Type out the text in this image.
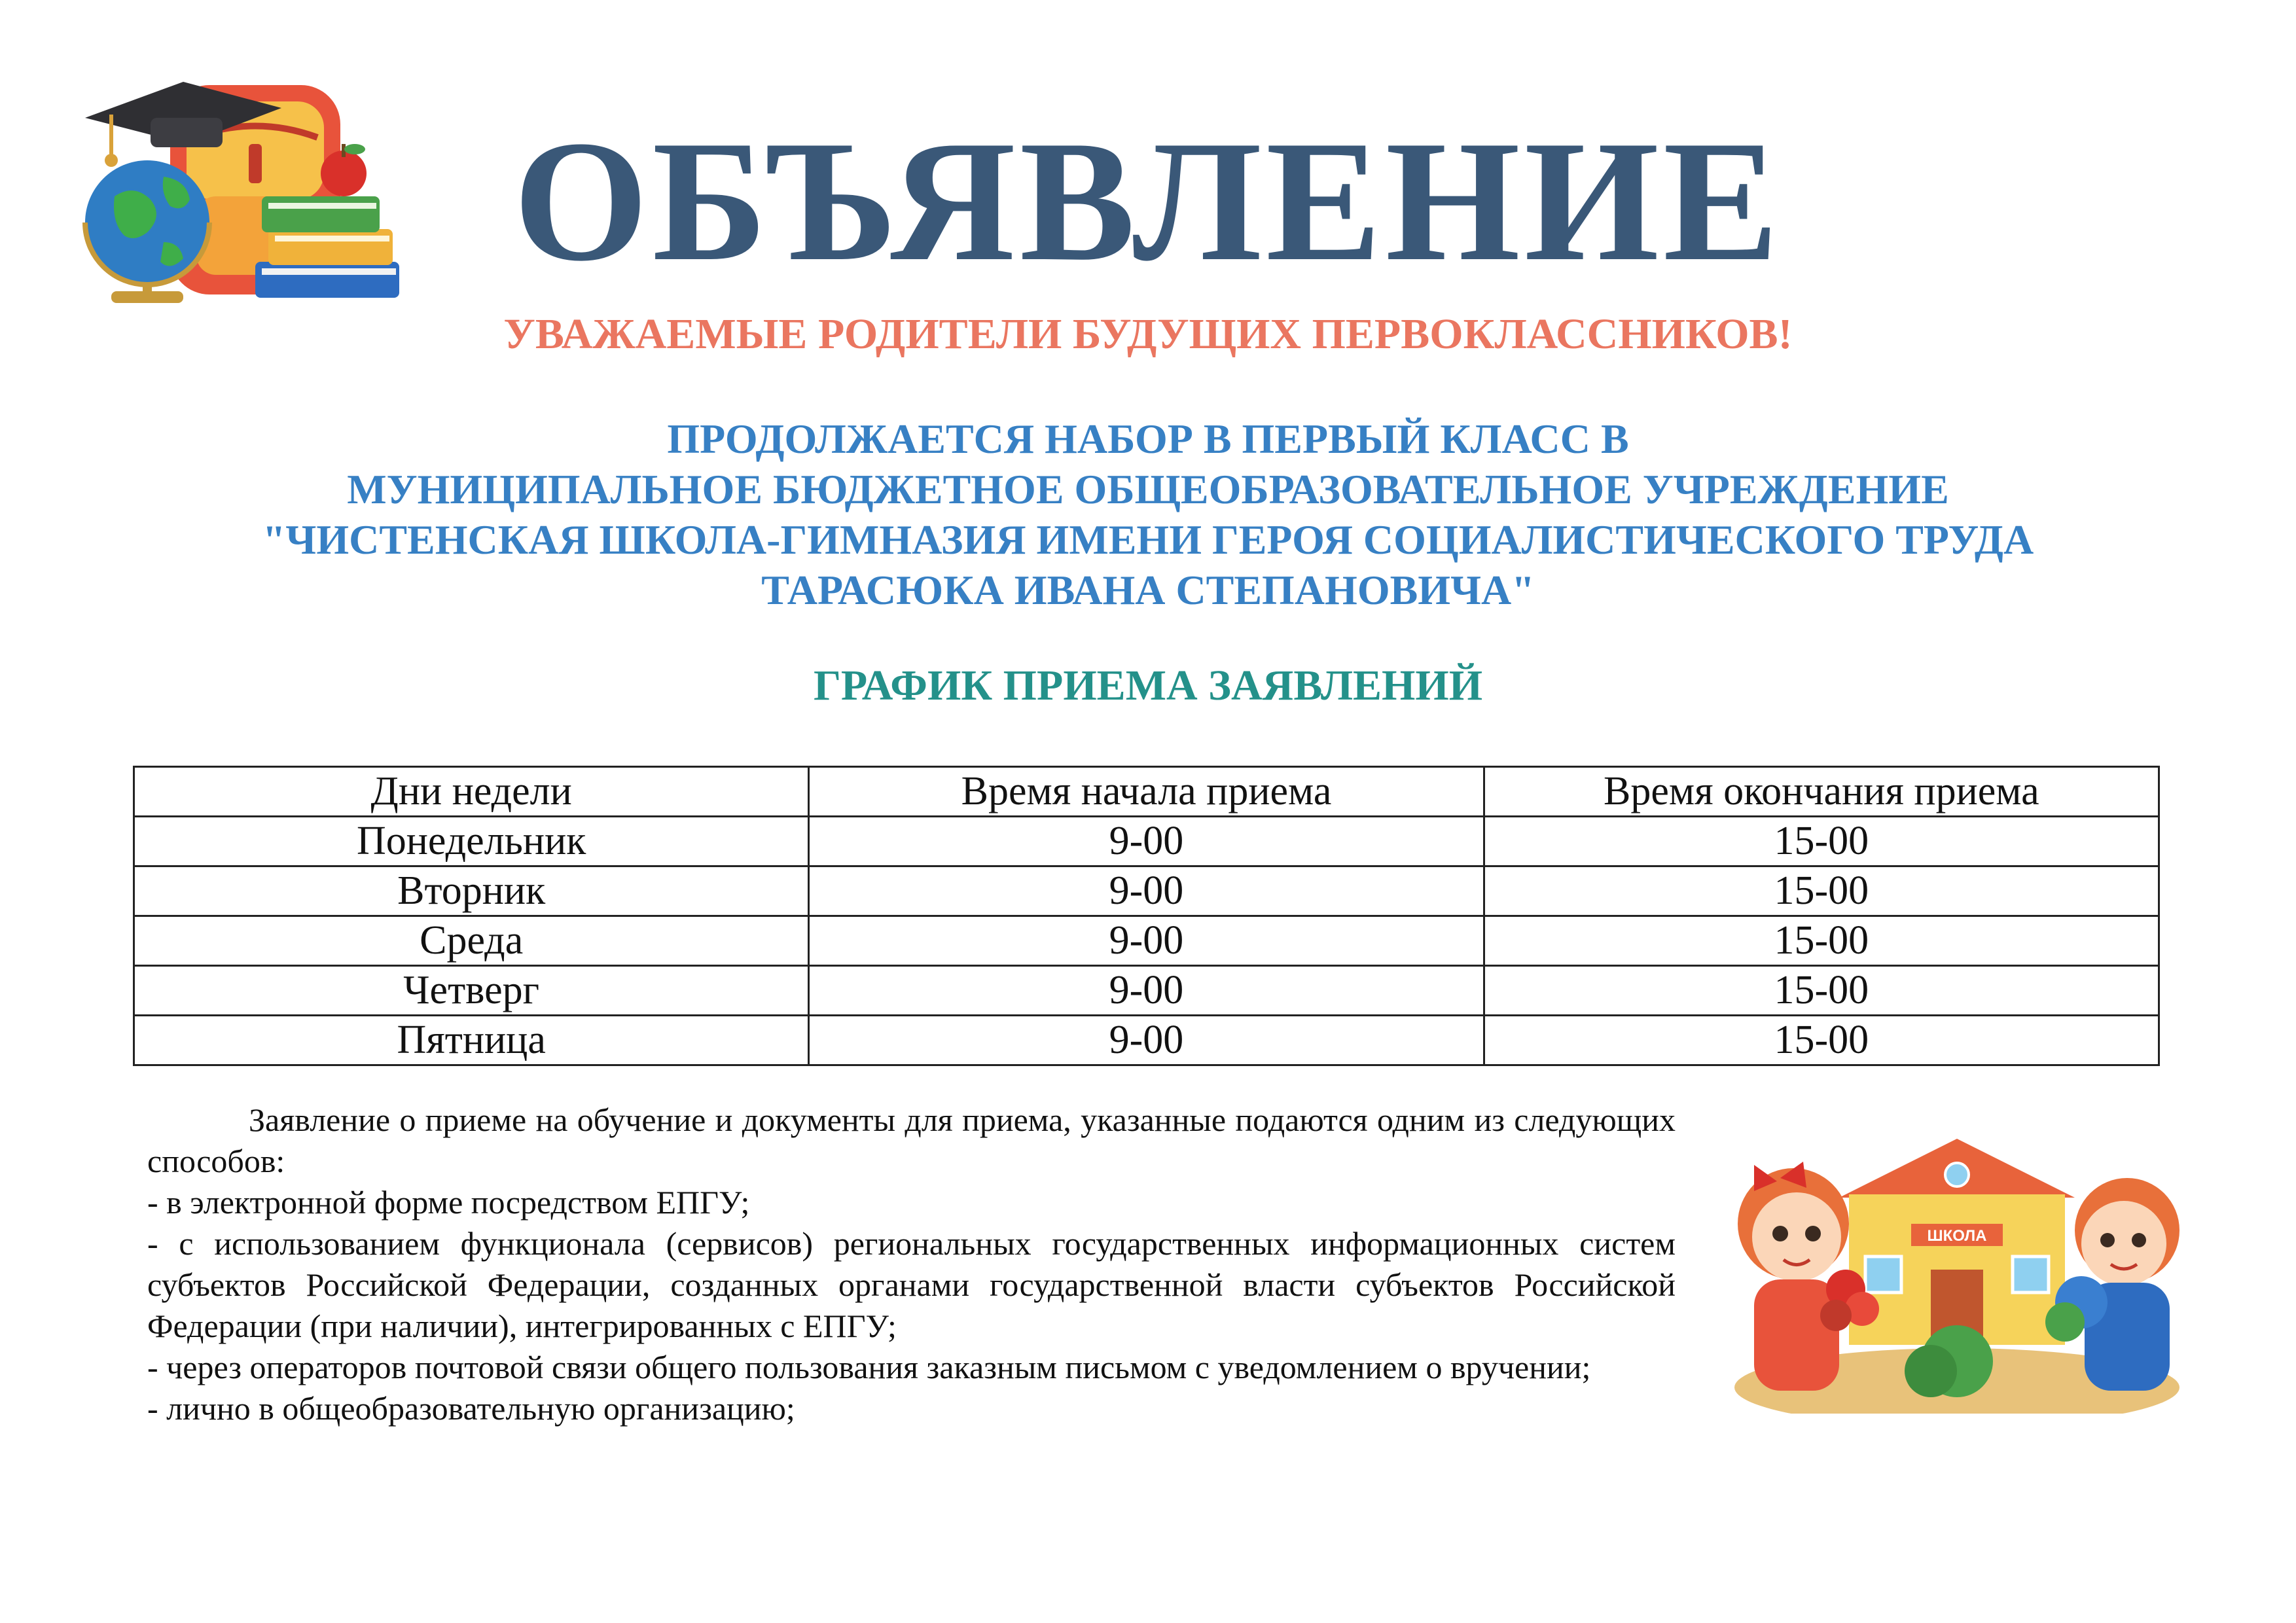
ОБЪЯВЛЕНИЕ
УВАЖАЕМЫЕ РОДИТЕЛИ БУДУЩИХ ПЕРВОКЛАССНИКОВ!
ПРОДОЛЖАЕТСЯ НАБОР В ПЕРВЫЙ КЛАСС В
МУНИЦИПАЛЬНОЕ БЮДЖЕТНОЕ ОБЩЕОБРАЗОВАТЕЛЬНОЕ УЧРЕЖДЕНИЕ
"ЧИСТЕНСКАЯ ШКОЛА-ГИМНАЗИЯ ИМЕНИ ГЕРОЯ СОЦИАЛИСТИЧЕСКОГО ТРУДА
ТАРАСЮКА ИВАНА СТЕПАНОВИЧА"
ГРАФИК ПРИЕМА ЗАЯВЛЕНИЙ
Дни недели	Время начала приема	Время окончания приема
Понедельник	9-00	15-00
Вторник	9-00	15-00
Среда	9-00	15-00
Четверг	9-00	15-00
Пятница	9-00	15-00

Заявление о приеме на обучение и документы для приема, указанные подаются одним из следующих способов:

- в электронной форме посредством ЕПГУ;

- с использованием функционала (сервисов) региональных государственных информационных систем субъектов Российской Федерации, созданных органами государственной власти субъектов Российской Федерации (при наличии), интегрированных с ЕПГУ;

- через операторов почтовой связи общего пользования заказным письмом с уведомлением о вручении;

- лично в общеобразовательную организацию;

ШКОЛА
